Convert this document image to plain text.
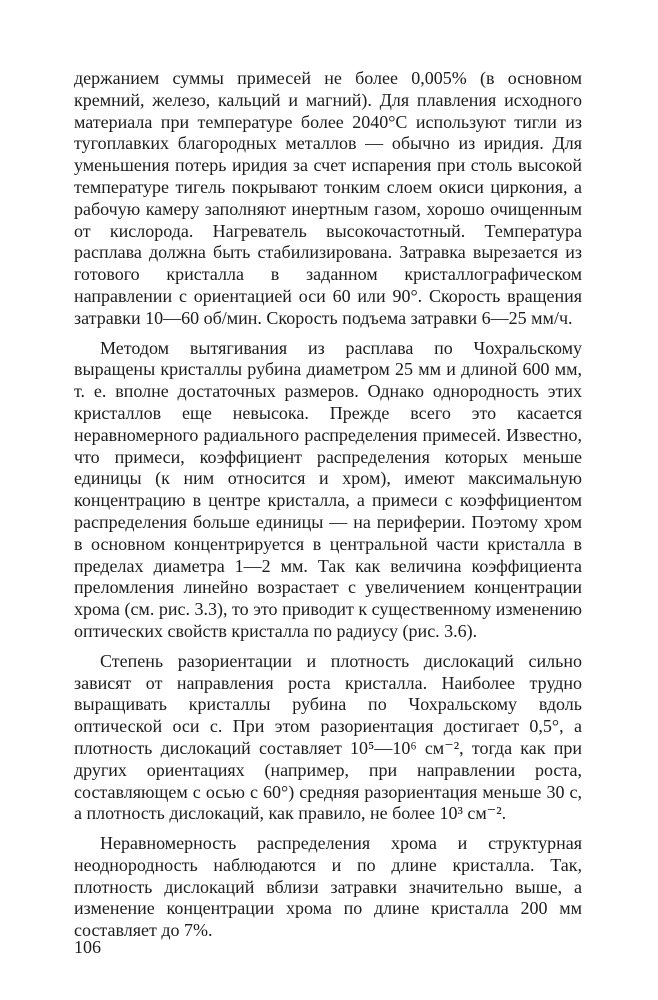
держанием суммы примесей не более 0,005% (в основном кремний, железо, кальций и магний). Для плавления исходного материала при температуре более 2040°С используют тигли из тугоплавких благородных металлов — обычно из иридия. Для уменьшения потерь иридия за счет испарения при столь высокой температуре тигель покрывают тонким слоем окиси циркония, а рабочую камеру заполняют инертным газом, хорошо очищенным от кислорода. Нагреватель высокочастотный. Температура расплава должна быть стабилизирована. Затравка вырезается из готового кристалла в заданном кристаллографическом направлении с ориентацией оси 60 или 90°. Скорость вращения затравки 10—60 об/мин. Скорость подъема затравки 6—25 мм/ч.

Методом вытягивания из расплава по Чохральскому выращены кристаллы рубина диаметром 25 мм и длиной 600 мм, т. е. вполне достаточных размеров. Однако однородность этих кристаллов еще невысока. Прежде всего это касается неравномерного радиального распределения примесей. Известно, что примеси, коэффициент распределения которых меньше единицы (к ним относится и хром), имеют максимальную концентрацию в центре кристалла, а примеси с коэффициентом распределения больше единицы — на периферии. Поэтому хром в основном концентрируется в центральной части кристалла в пределах диаметра 1—2 мм. Так как величина коэффициента преломления линейно возрастает с увеличением концентрации хрома (см. рис. 3.3), то это приводит к существенному изменению оптических свойств кристалла по радиусу (рис. 3.6).

Степень разориентации и плотность дислокаций сильно зависят от направления роста кристалла. Наиболее трудно выращивать кристаллы рубина по Чохральскому вдоль оптической оси с. При этом разориентация достигает 0,5°, а плотность дислокаций составляет 10⁵—10⁶ см⁻², тогда как при других ориентациях (например, при направлении роста, составляющем с осью с 60°) средняя разориентация меньше 30 с, а плотность дислокаций, как правило, не более 10³ см⁻².

Неравномерность распределения хрома и структурная неоднородность наблюдаются и по длине кристалла. Так, плотность дислокаций вблизи затравки значительно выше, а изменение концентрации хрома по длине кристалла 200 мм составляет до 7%.

106
